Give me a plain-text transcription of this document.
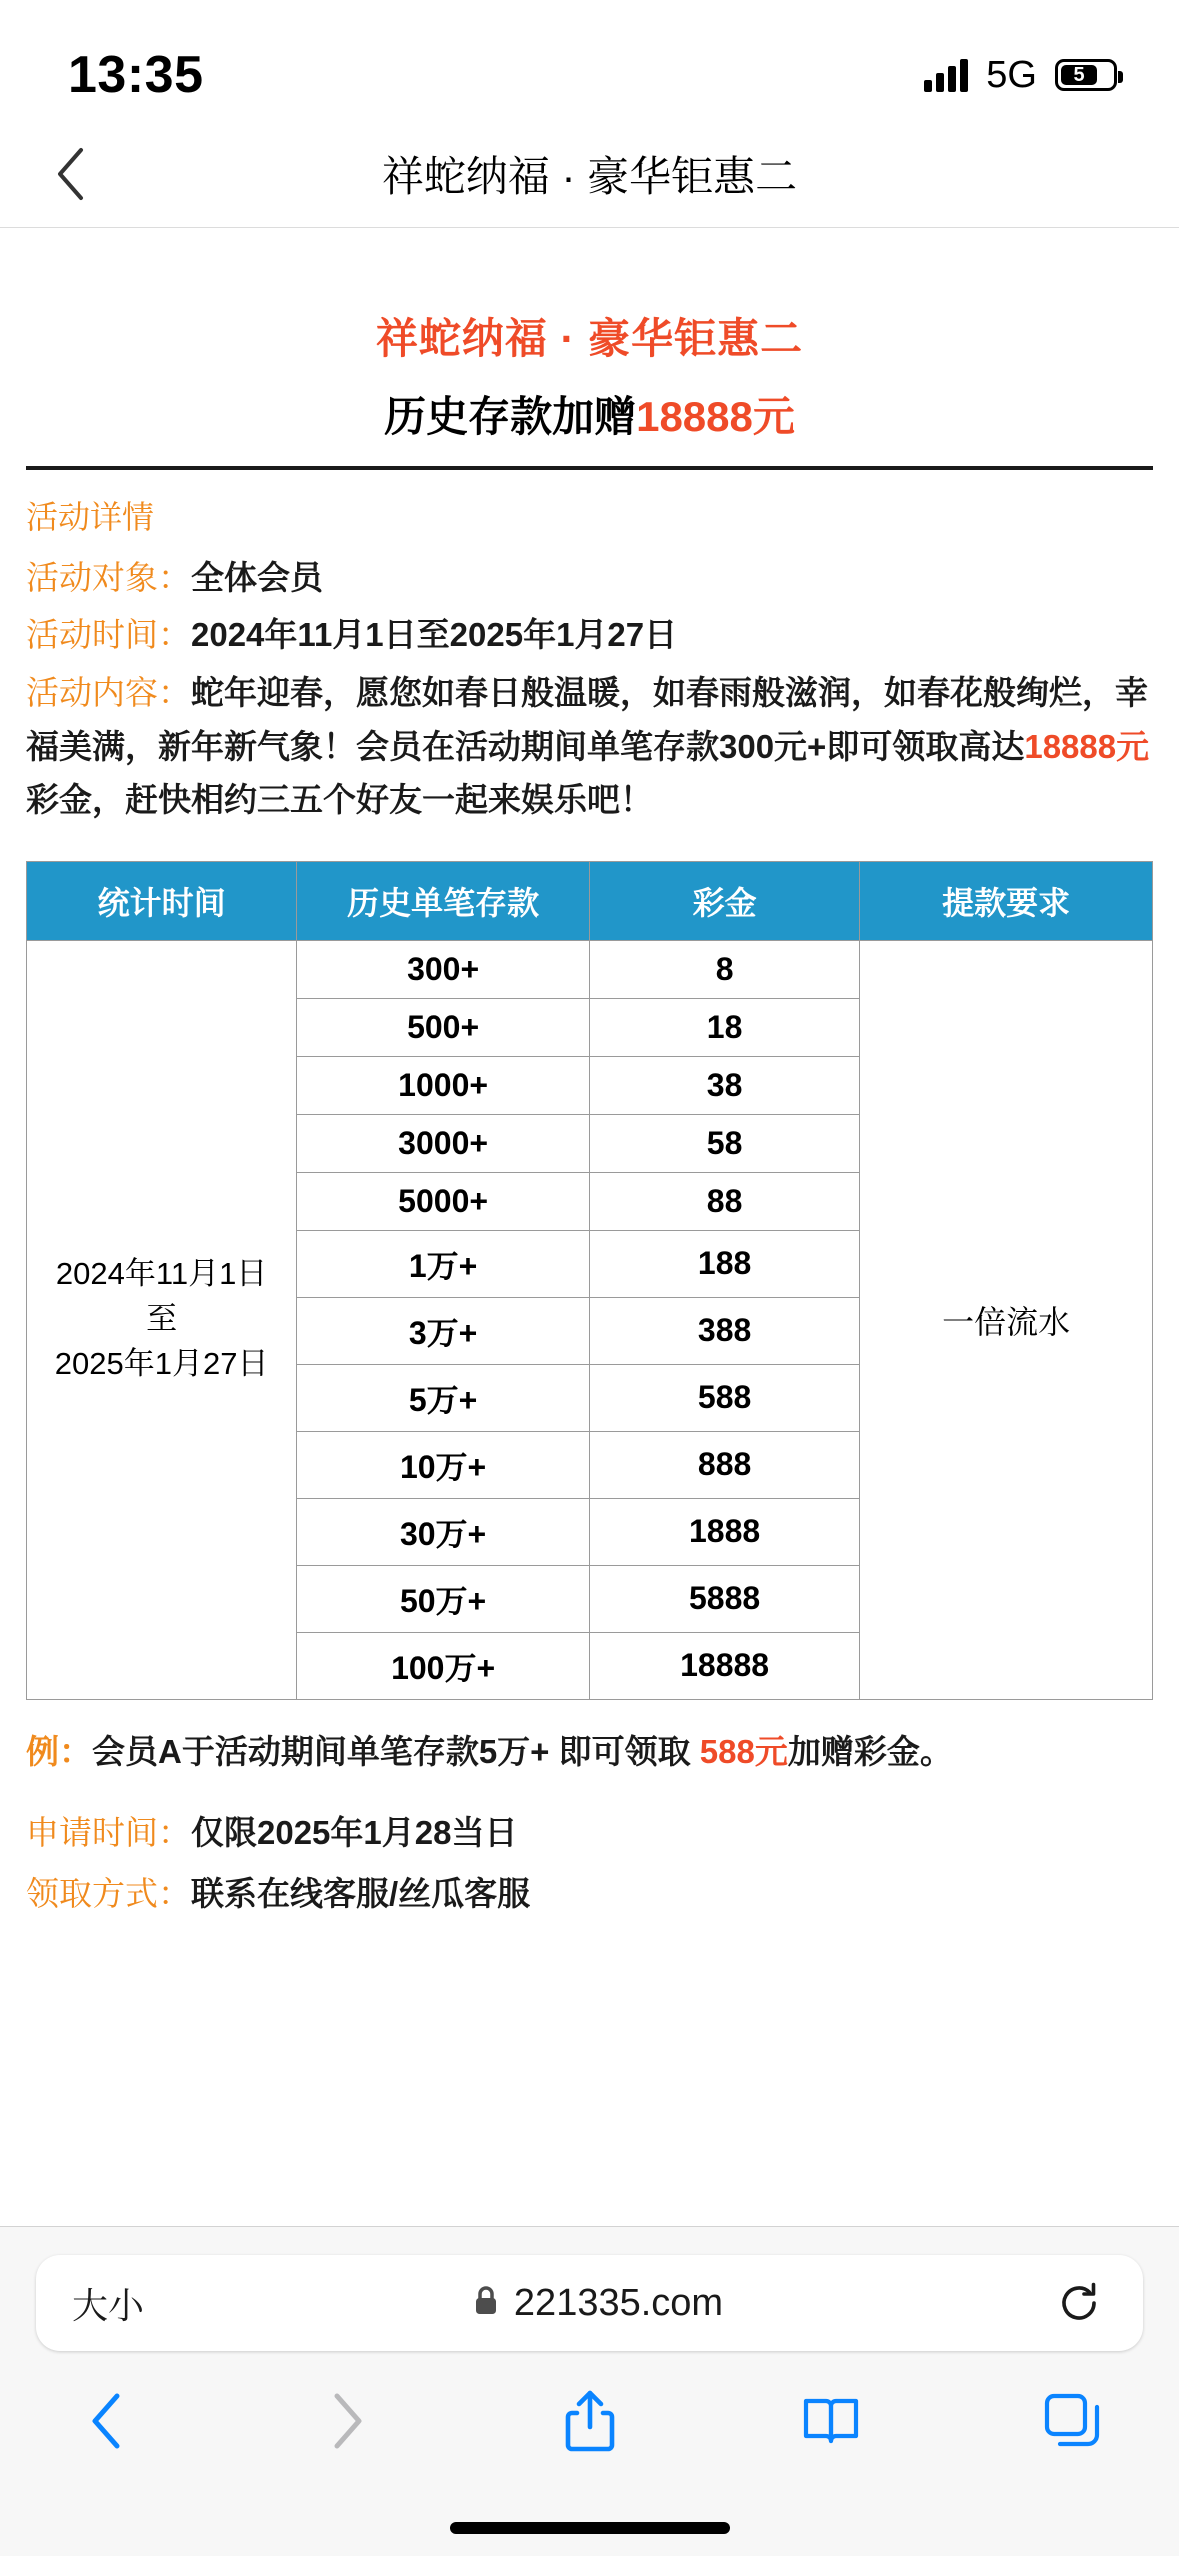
13:35	5G 5
祥蛇纳福 · 豪华钜惠二
祥蛇纳福 · 豪华钜惠二
历史存款加赠18888元
活动详情
活动对象：全体会员
活动时间：2024年11月1日至2025年1月27日
活动内容：蛇年迎春，愿您如春日般温暖，如春雨般滋润，如春花般绚烂，幸福美满，新年新气象！会员在活动期间单笔存款300元+即可领取高达18888元彩金，赶快相约三五个好友一起来娱乐吧！
统计时间	历史单笔存款	彩金	提款要求

2024年11月1日
至
2025年1月27日	300+	8	一倍流水
	500+	18	
	1000+	38	
	3000+	58	
	5000+	88	
	1万+	188	
	3万+	388	
	5万+	588	
	10万+	888	
	30万+	1888	
	50万+	5888	
	100万+	18888	
例：会员A于活动期间单笔存款5万+ 即可领取 588元加赠彩金。
申请时间：仅限2025年1月28当日
领取方式：联系在线客服/丝瓜客服
大小	221335.com
